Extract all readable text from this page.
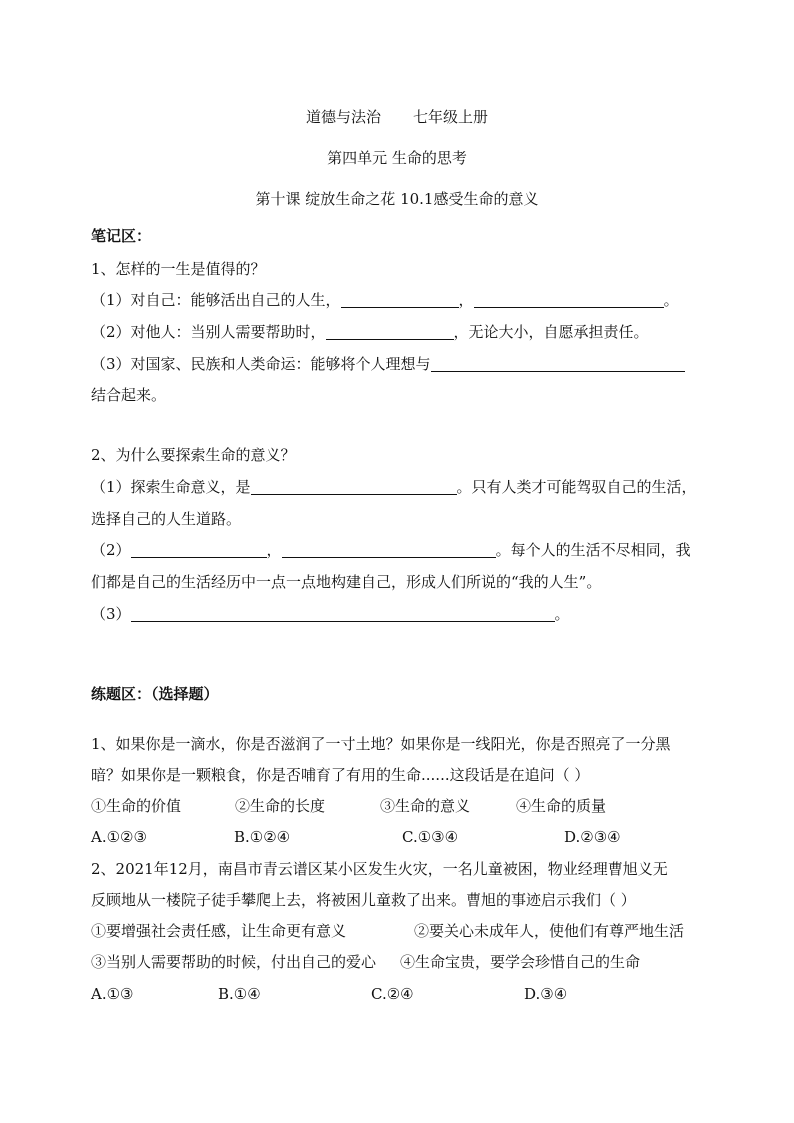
道德与法治 七年级上册
第四单元 生命的思考
第十课 绽放生命之花 10.1感受生命的意义
笔记区：
1、怎样的一生是值得的？
（1）对自己：能够活出自己的人生，	，	。
（2）对他人：当别人需要帮助时，	，无论大小，自愿承担责任。
（3）对国家、民族和人类命运：能够将个人理想与
结合起来。
2、为什么要探索生命的意义？
（1）探索生命意义，是	。只有人类才可能驾驭自己的生活，
选择自己的人生道路。
（2）	，	。每个人的生活不尽相同，我
们都是自己的生活经历中一点一点地构建自己，形成人们所说的“我的人生”。
（3）	。
练题区：（选择题）
1、如果你是一滴水，你是否滋润了一寸土地？如果你是一线阳光，你是否照亮了一分黑
暗？如果你是一颗粮食，你是否哺育了有用的生命......这段话是在追问（ ）
①生命的价值	②生命的长度	③生命的意义	④生命的质量
A.①②③	B.①②④	C.①③④	D.②③④
2、2021年12月，南昌市青云谱区某小区发生火灾，一名儿童被困，物业经理曹旭义无
反顾地从一楼院子徒手攀爬上去，将被困儿童救了出来。曹旭的事迹启示我们（ ）
①要增强社会责任感，让生命更有意义	②要关心未成年人，使他们有尊严地生活
③当别人需要帮助的时候，付出自己的爱心 ④生命宝贵，要学会珍惜自己的生命
A.①③	B.①④	C.②④	D.③④
